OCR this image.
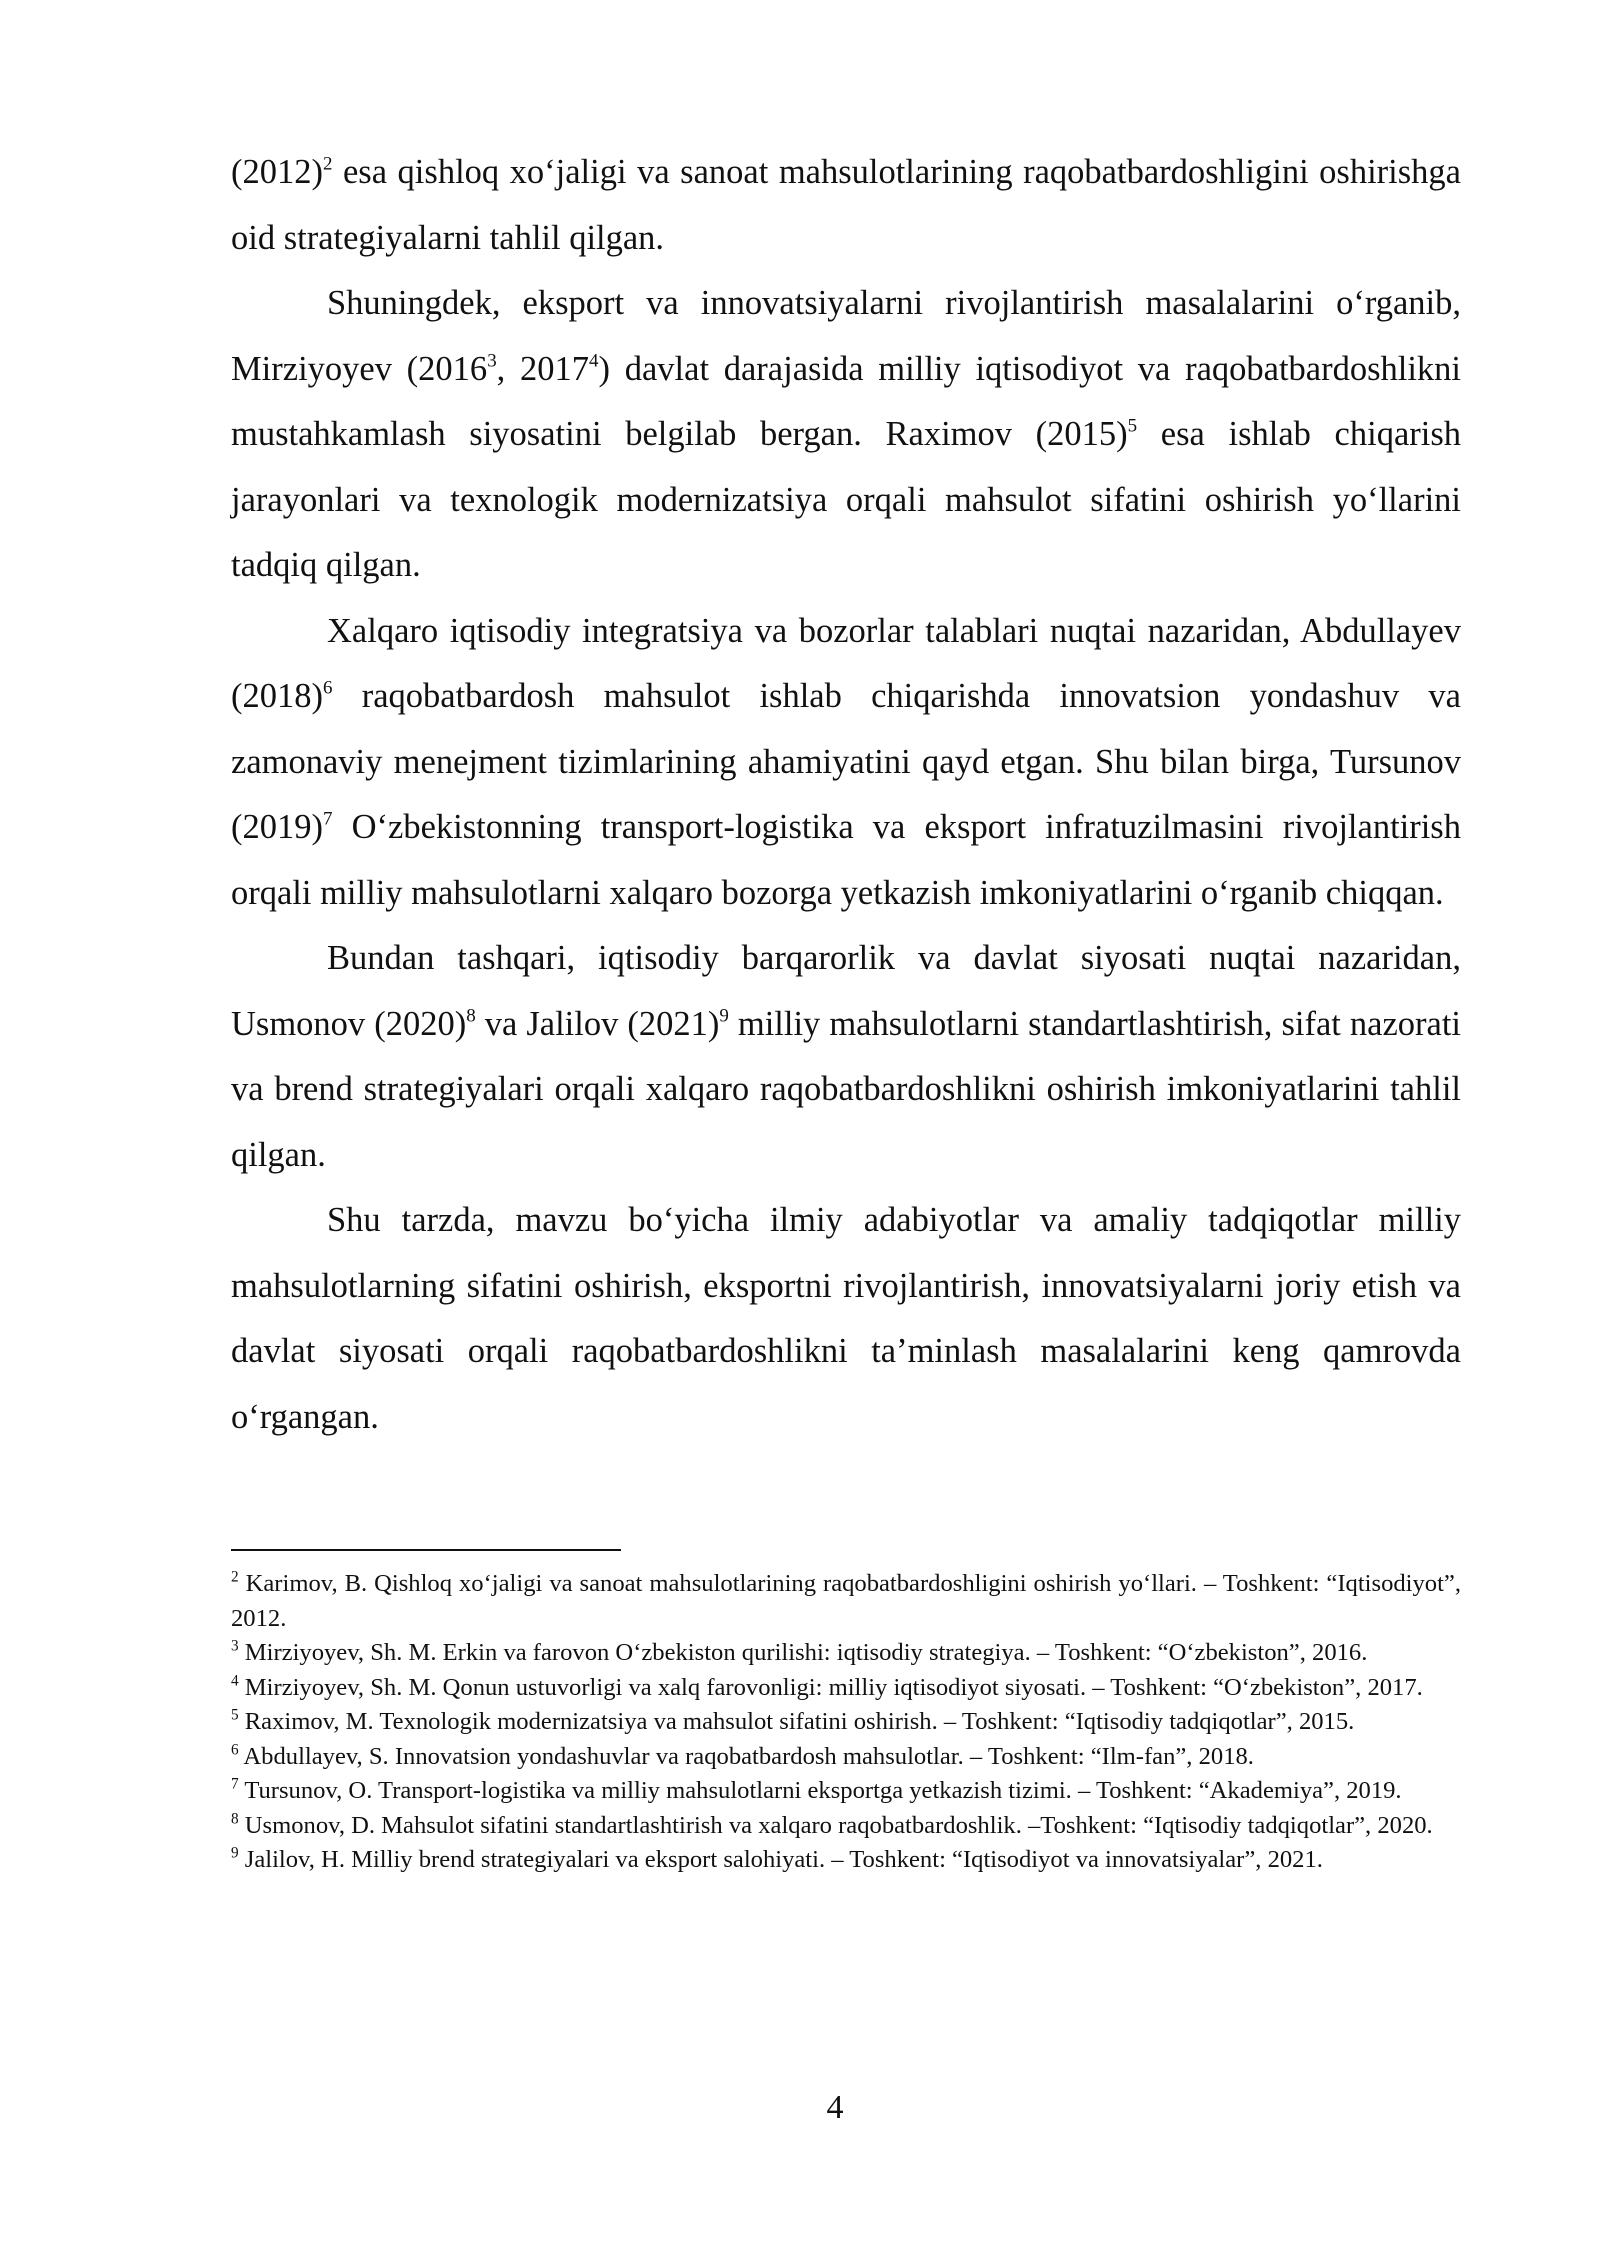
$(2012)^2$ esa qishloq xo‘jaligi va sanoat mahsulotlarining raqobatbardoshligini oshirishga oid strategiyalarni tahlil qilgan.

Shuningdek, eksport va innovatsiyalarni rivojlantirish masalalarini o‘rganib, Mirziyoyev (2016$^3$, 2017$^4$) davlat darajasida milliy iqtisodiyot va raqobatbardoshlikni mustahkamlash siyosatini belgilab bergan. Raximov $(2015)^5$ esa ishlab chiqarish jarayonlari va texnologik modernizatsiya orqali mahsulot sifatini oshirish yo‘llarini tadqiq qilgan.

Xalqaro iqtisodiy integratsiya va bozorlar talablari nuqtai nazaridan, Abdullayev $(2018)^6$ raqobatbardosh mahsulot ishlab chiqarishda innovatsion yondashuv va zamonaviy menejment tizimlarining ahamiyatini qayd etgan. Shu bilan birga, Tursunov $(2019)^7$ O‘zbekistonning transport-logistika va eksport infratuzilmasini rivojlantirish orqali milliy mahsulotlarni xalqaro bozorga yetkazish imkoniyatlarini o‘rganib chiqqan.

Bundan tashqari, iqtisodiy barqarorlik va davlat siyosati nuqtai nazaridan, Usmonov $(2020)^8$ va Jalilov $(2021)^9$ milliy mahsulotlarni standartlashtirish, sifat nazorati va brend strategiyalari orqali xalqaro raqobatbardoshlikni oshirish imkoniyatlarini tahlil qilgan.

Shu tarzda, mavzu bo‘yicha ilmiy adabiyotlar va amaliy tadqiqotlar milliy mahsulotlarning sifatini oshirish, eksportni rivojlantirish, innovatsiyalarni joriy etish va davlat siyosati orqali raqobatbardoshlikni ta’minlash masalalarini keng qamrovda o‘rgangan.

$^2$ Karimov, B. Qishloq xo‘jaligi va sanoat mahsulotlarining raqobatbardoshligini oshirish yo‘llari. – Toshkent: “Iqtisodiyot”, 2012.

$^3$ Mirziyoyev, Sh. M. Erkin va farovon O‘zbekiston qurilishi: iqtisodiy strategiya. – Toshkent: “O‘zbekiston”, 2016.

$^4$ Mirziyoyev, Sh. M. Qonun ustuvorligi va xalq farovonligi: milliy iqtisodiyot siyosati. – Toshkent: “O‘zbekiston”, 2017.

$^5$ Raximov, M. Texnologik modernizatsiya va mahsulot sifatini oshirish. – Toshkent: “Iqtisodiy tadqiqotlar”, 2015.

$^6$ Abdullayev, S. Innovatsion yondashuvlar va raqobatbardosh mahsulotlar. – Toshkent: “Ilm-fan”, 2018.

$^7$ Tursunov, O. Transport-logistika va milliy mahsulotlarni eksportga yetkazish tizimi. – Toshkent: “Akademiya”, 2019.

$^8$ Usmonov, D. Mahsulot sifatini standartlashtirish va xalqaro raqobatbardoshlik. –Toshkent: “Iqtisodiy tadqiqotlar”, 2020.

$^9$ Jalilov, H. Milliy brend strategiyalari va eksport salohiyati. – Toshkent: “Iqtisodiyot va innovatsiyalar”, 2021.

4
